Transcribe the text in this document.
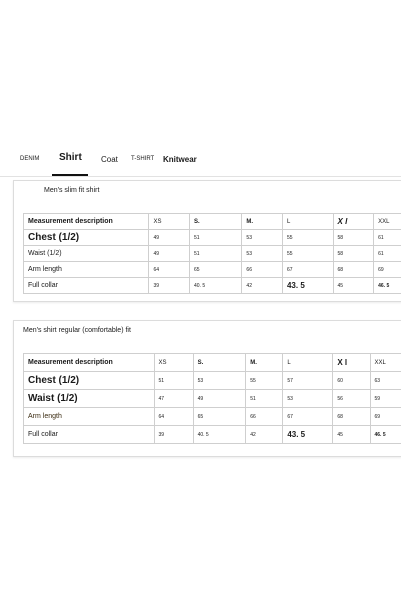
DENIM Shirt Coat T-SHIRT Knitwear
Men's slim fit shirt
Measurement description	XS	S.	M.	L	X l	XXL
Chest (1/2)	49	51	53	55	58	61
Waist (1/2)	49	51	53	55	58	61
Arm length	64	65	66	67	68	69
Full collar	39	40. 5	42	43. 5	45	46. 5
Men's shirt regular (comfortable) fit
Measurement description	XS	S.	M.	L	X l	XXL
Chest (1/2)	51	53	55	57	60	63
Waist (1/2)	47	49	51	53	56	59
Arm length	64	65	66	67	68	69
Full collar	39	40. 5	42	43. 5	45	46. 5
